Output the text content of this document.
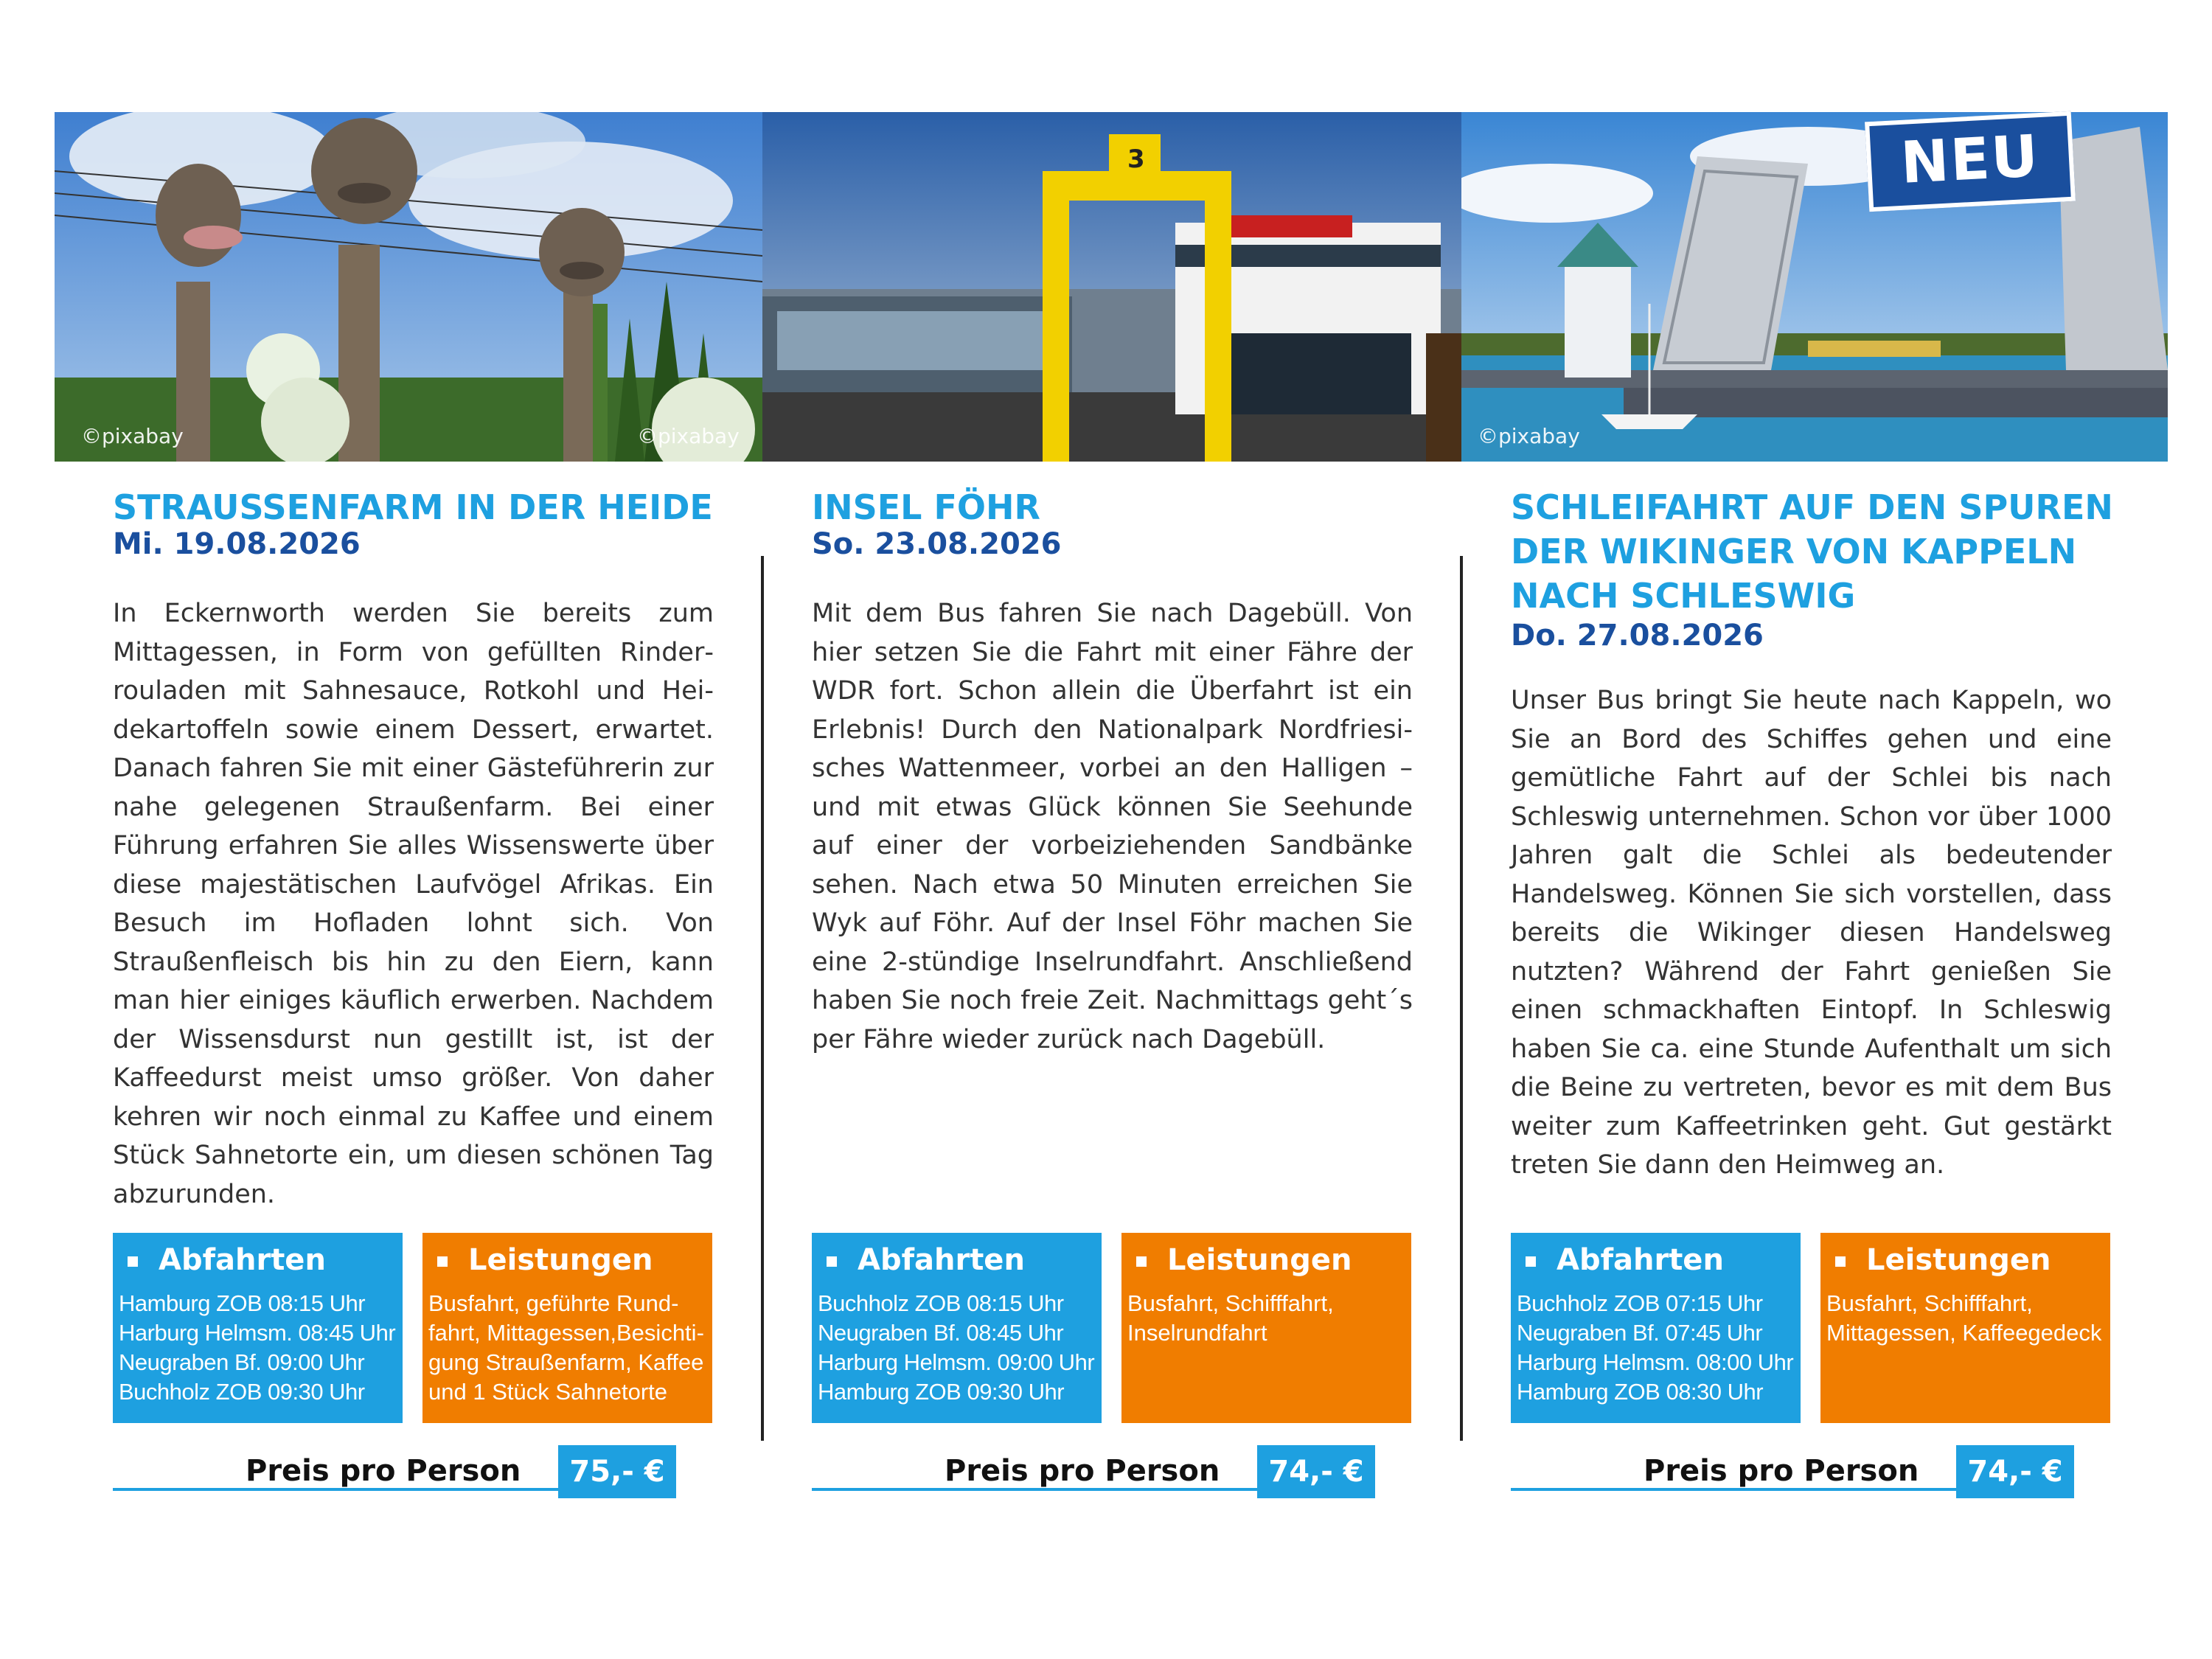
©pixabay	©pixabay
3
©pixabay
NEU
STRAUSSENFARM IN DER HEIDE
Mi. 19.08.2026
In Eckernworth werden Sie bereits zum Mittagessen, in Form von gefüllten Rinderrouladen mit Sahnesauce, Rotkohl und Heidekartoffeln sowie einem Dessert, erwartet. Danach fahren Sie mit einer Gästeführerin zur nahe gelegenen Straußenfarm. Bei einer Führung erfahren Sie alles Wissenswerte über diese majestätischen Laufvögel Afrikas. Ein Besuch im Hofladen lohnt sich. Von Straußenfleisch bis hin zu den Eiern, kann man hier einiges käuflich erwerben. Nachdem der Wissensdurst nun gestillt ist, ist der Kaffeedurst meist umso größer. Von daher kehren wir noch einmal zu Kaffee und einem Stück Sahnetorte ein, um diesen schönen Tag abzurunden.
Abfahrten
Hamburg ZOB 08:15 Uhr
Harburg Helmsm. 08:45 Uhr
Neugraben Bf. 09:00 Uhr
Buchholz ZOB 09:30 Uhr
Leistungen
Busfahrt, geführte Rundfahrt, Mittagessen,Besichtigung Straußenfarm, Kaffee und 1 Stück Sahnetorte
Preis pro Person	75,- €
INSEL FÖHR
So. 23.08.2026
Mit dem Bus fahren Sie nach Dagebüll. Von hier setzen Sie die Fahrt mit einer Fähre der WDR fort. Schon allein die Überfahrt ist ein Erlebnis! Durch den Nationalpark Nordfriesisches Wattenmeer, vorbei an den Halligen – und mit etwas Glück können Sie Seehunde auf einer der vorbeiziehenden Sandbänke sehen. Nach etwa 50 Minuten erreichen Sie Wyk auf Föhr. Auf der Insel Föhr machen Sie eine 2-stündige Inselrundfahrt. Anschließend haben Sie noch freie Zeit. Nachmittags geht´s per Fähre wieder zurück nach Dagebüll.
Abfahrten
Buchholz ZOB 08:15 Uhr
Neugraben Bf. 08:45 Uhr
Harburg Helmsm. 09:00 Uhr
Hamburg ZOB 09:30 Uhr
Leistungen
Busfahrt, Schifffahrt, Inselrundfahrt
Preis pro Person	74,- €
SCHLEIFAHRT AUF DEN SPUREN DER WIKINGER VON KAPPELN NACH SCHLESWIG
Do. 27.08.2026
Unser Bus bringt Sie heute nach Kappeln, wo Sie an Bord des Schiffes gehen und eine gemütliche Fahrt auf der Schlei bis nach Schleswig unternehmen. Schon vor über 1000 Jahren galt die Schlei als bedeutender Handelsweg. Können Sie sich vorstellen, dass bereits die Wikinger diesen Handelsweg nutzten? Während der Fahrt genießen Sie einen schmackhaften Eintopf. In Schleswig haben Sie ca. eine Stunde Aufenthalt um sich die Beine zu vertreten, bevor es mit dem Bus weiter zum Kaffeetrinken geht. Gut gestärkt treten Sie dann den Heimweg an.
Abfahrten
Buchholz ZOB 07:15 Uhr
Neugraben Bf. 07:45 Uhr
Harburg Helmsm. 08:00 Uhr
Hamburg ZOB 08:30 Uhr
Leistungen
Busfahrt, Schifffahrt, Mittagessen, Kaffeegedeck
Preis pro Person	74,- €
